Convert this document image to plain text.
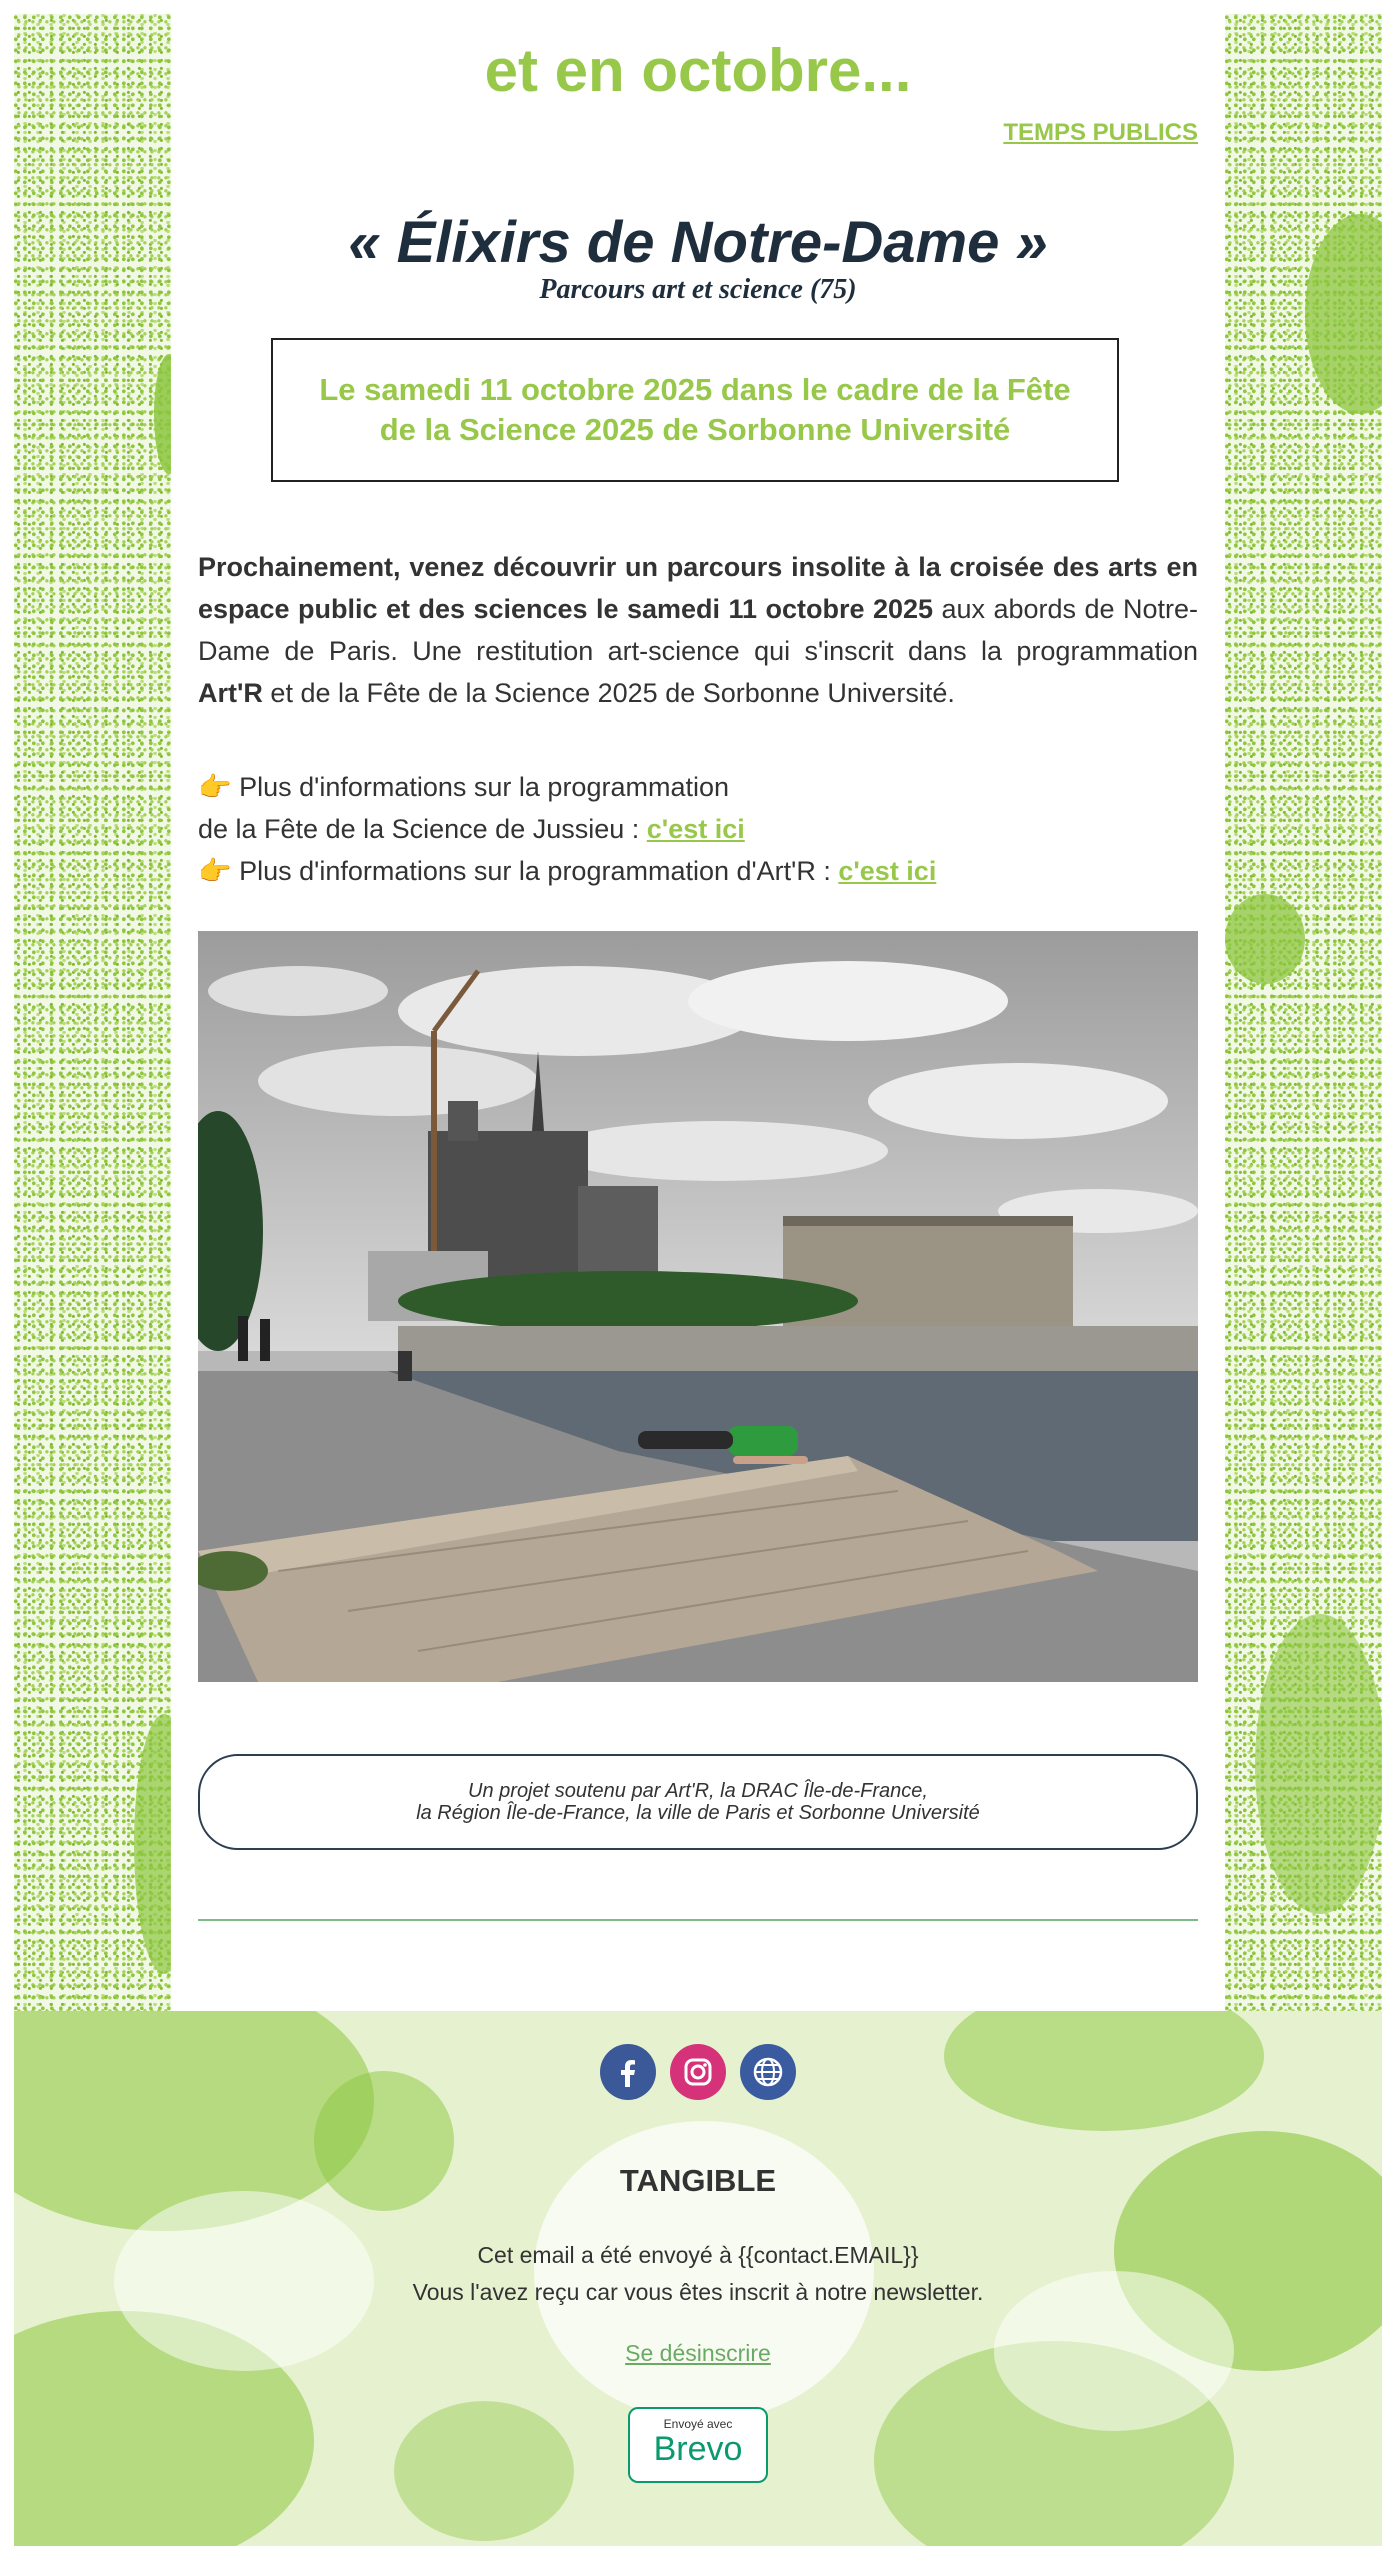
et en octobre...
TEMPS PUBLICS
« Élixirs de Notre-Dame »
Parcours art et science (75)
Le samedi 11 octobre 2025 dans le cadre de la Fête de la Science 2025 de Sorbonne Université

Prochainement, venez découvrir un parcours insolite à la croisée des arts en espace public et des sciences le samedi 11 octobre 2025 aux abords de Notre-Dame de Paris. Une restitution art-science qui s'inscrit dans la programmation Art'R et de la Fête de la Science 2025 de Sorbonne Université.

👉 Plus d'informations sur la programmation
de la Fête de la Science de Jussieu : c'est ici
👉 Plus d'informations sur la programmation d'Art'R : c'est ici
Un projet soutenu par Art'R, la DRAC Île-de-France,
la Région Île-de-France, la ville de Paris et Sorbonne Université
TANGIBLE
Cet email a été envoyé à {{contact.EMAIL}}
Vous l'avez reçu car vous êtes inscrit à notre newsletter.
Se désinscrire
Envoyé avec
Brevo
